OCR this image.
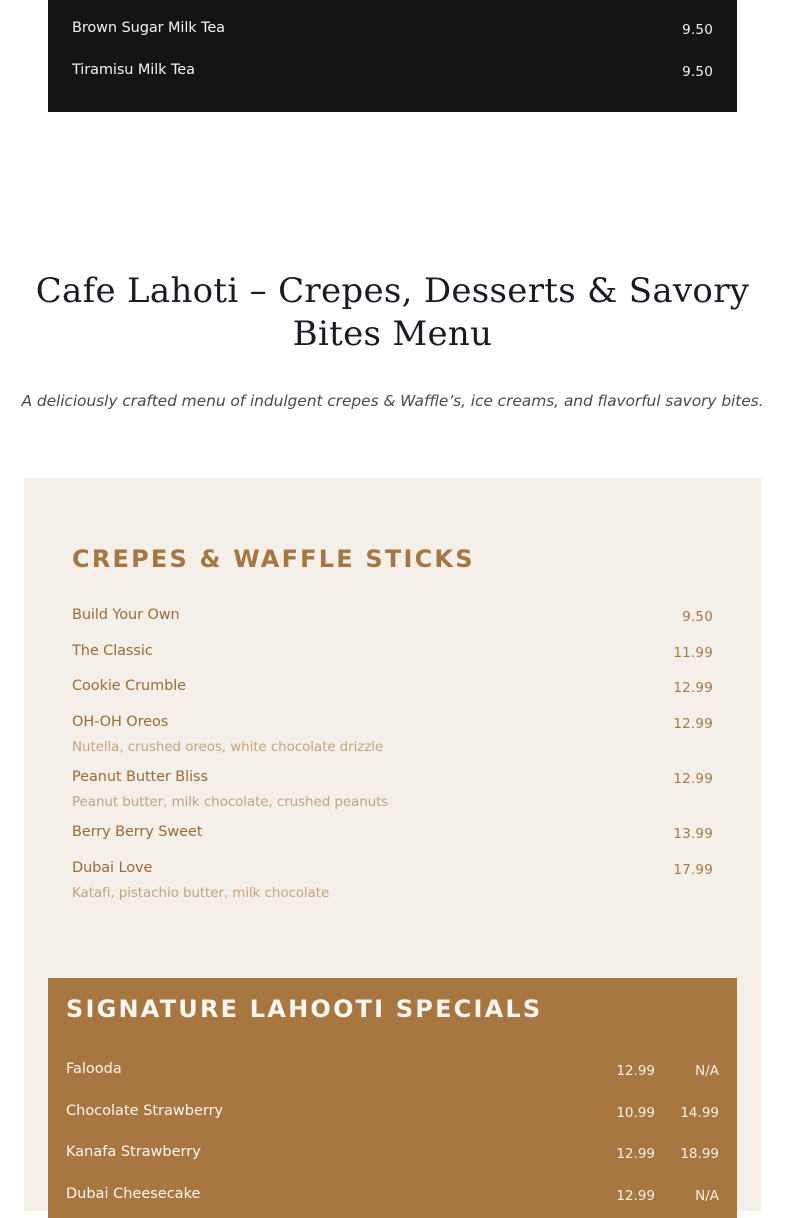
Brown Sugar Milk Tea	9.50
Tiramisu Milk Tea	9.50
Cafe Lahoti – Crepes, Desserts & Savory Bites Menu
A deliciously crafted menu of indulgent crepes & Waffle’s, ice creams, and flavorful savory bites.
CREPES & WAFFLE STICKS
Build Your Own	9.50
The Classic	11.99
Cookie Crumble	12.99
OH-OH Oreos	12.99
Nutella, crushed oreos, white chocolate drizzle
Peanut Butter Bliss	12.99
Peanut butter, milk chocolate, crushed peanuts
Berry Berry Sweet	13.99
Dubai Love	17.99
Katafi, pistachio butter, milk chocolate
SIGNATURE LAHOOTI SPECIALS
Falooda	12.99	N/A
Chocolate Strawberry	10.99 14.99
Kanafa Strawberry	12.99 18.99
Dubai Cheesecake	12.99	N/A
